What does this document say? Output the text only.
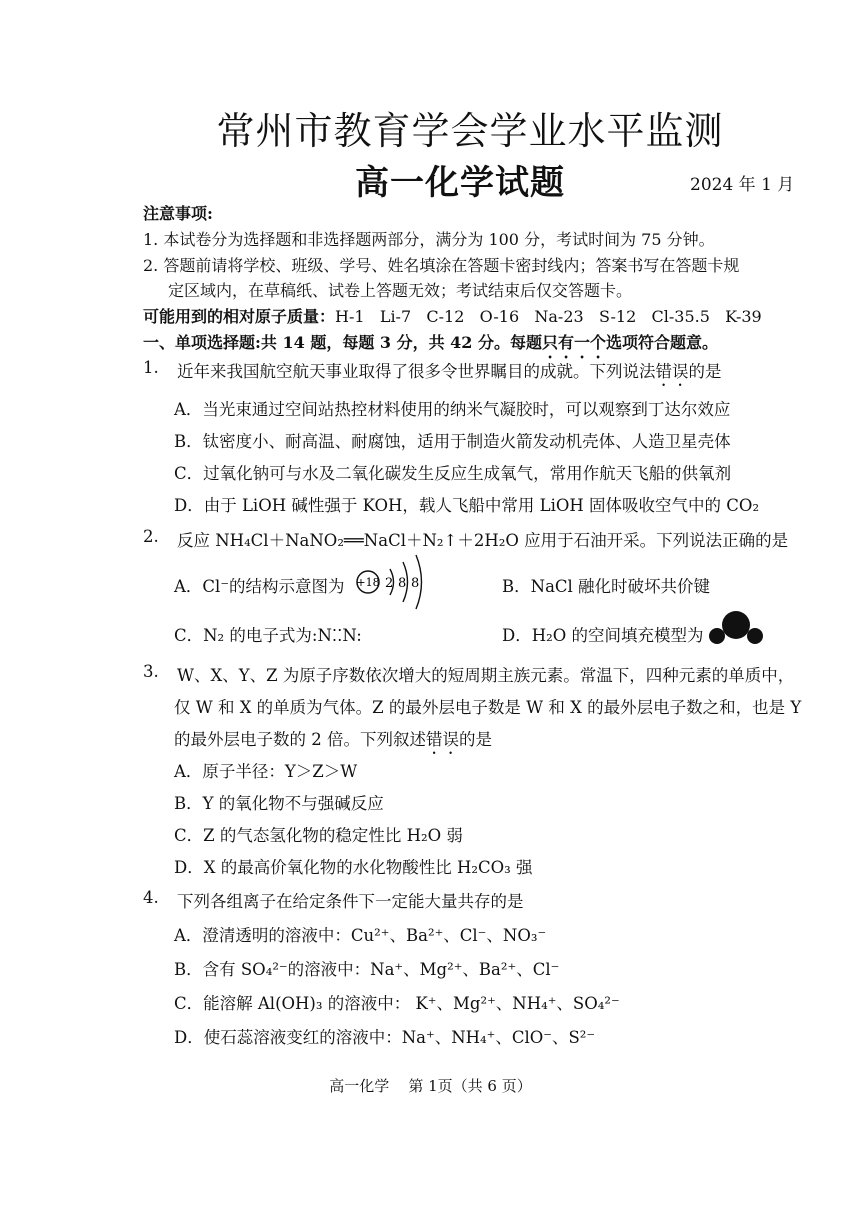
常州市教育学会学业水平监测
高一化学试题	2024 年 1 月
注意事项:
1. 本试卷分为选择题和非选择题两部分，满分为 100 分，考试时间为 75 分钟。
2. 答题前请将学校、班级、学号、姓名填涂在答题卡密封线内；答案书写在答题卡规
定区域内，在草稿纸、试卷上答题无效；考试结束后仅交答题卡。
可能用到的相对原子质量：H-1   Li-7   C-12   O-16   Na-23   S-12   Cl-35.5   K-39
一、单项选择题:共 14 题，每题 3 分，共 42 分。每题只有一个选项符合题意。
1. 近年来我国航空航天事业取得了很多令世界瞩目的成就。下列说法错误的是
A．当光束通过空间站热控材料使用的纳米气凝胶时，可以观察到丁达尔效应
B．钛密度小、耐高温、耐腐蚀，适用于制造火箭发动机壳体、人造卫星壳体
C．过氧化钠可与水及二氧化碳发生反应生成氧气，常用作航天飞船的供氧剂
D．由于 LiOH 碱性强于 KOH，载人飞船中常用 LiOH 固体吸收空气中的 CO₂
2. 反应 NH₄Cl＋NaNO₂══NaCl＋N₂↑＋2H₂O 应用于石油开采。下列说法正确的是
A．Cl⁻的结构示意图为 +18 2 8 8	B．NaCl 融化时破坏共价键
C．N₂ 的电子式为:N⁚⁚N:	D．H₂O 的空间填充模型为
3. W、X、Y、Z 为原子序数依次增大的短周期主族元素。常温下，四种元素的单质中，
仅 W 和 X 的单质为气体。Z 的最外层电子数是 W 和 X 的最外层电子数之和，也是 Y
的最外层电子数的 2 倍。下列叙述错误的是
A．原子半径：Y＞Z＞W
B．Y 的氧化物不与强碱反应
C．Z 的气态氢化物的稳定性比 H₂O 弱
D．X 的最高价氧化物的水化物酸性比 H₂CO₃ 强
4. 下列各组离子在给定条件下一定能大量共存的是
A．澄清透明的溶液中：Cu²⁺、Ba²⁺、Cl⁻、NO₃⁻
B．含有 SO₄²⁻的溶液中：Na⁺、Mg²⁺、Ba²⁺、Cl⁻
C．能溶解 Al(OH)₃ 的溶液中： K⁺、Mg²⁺、NH₄⁺、SO₄²⁻
D．使石蕊溶液变红的溶液中：Na⁺、NH₄⁺、ClO⁻、S²⁻
高一化学    第 1页（共 6 页）
